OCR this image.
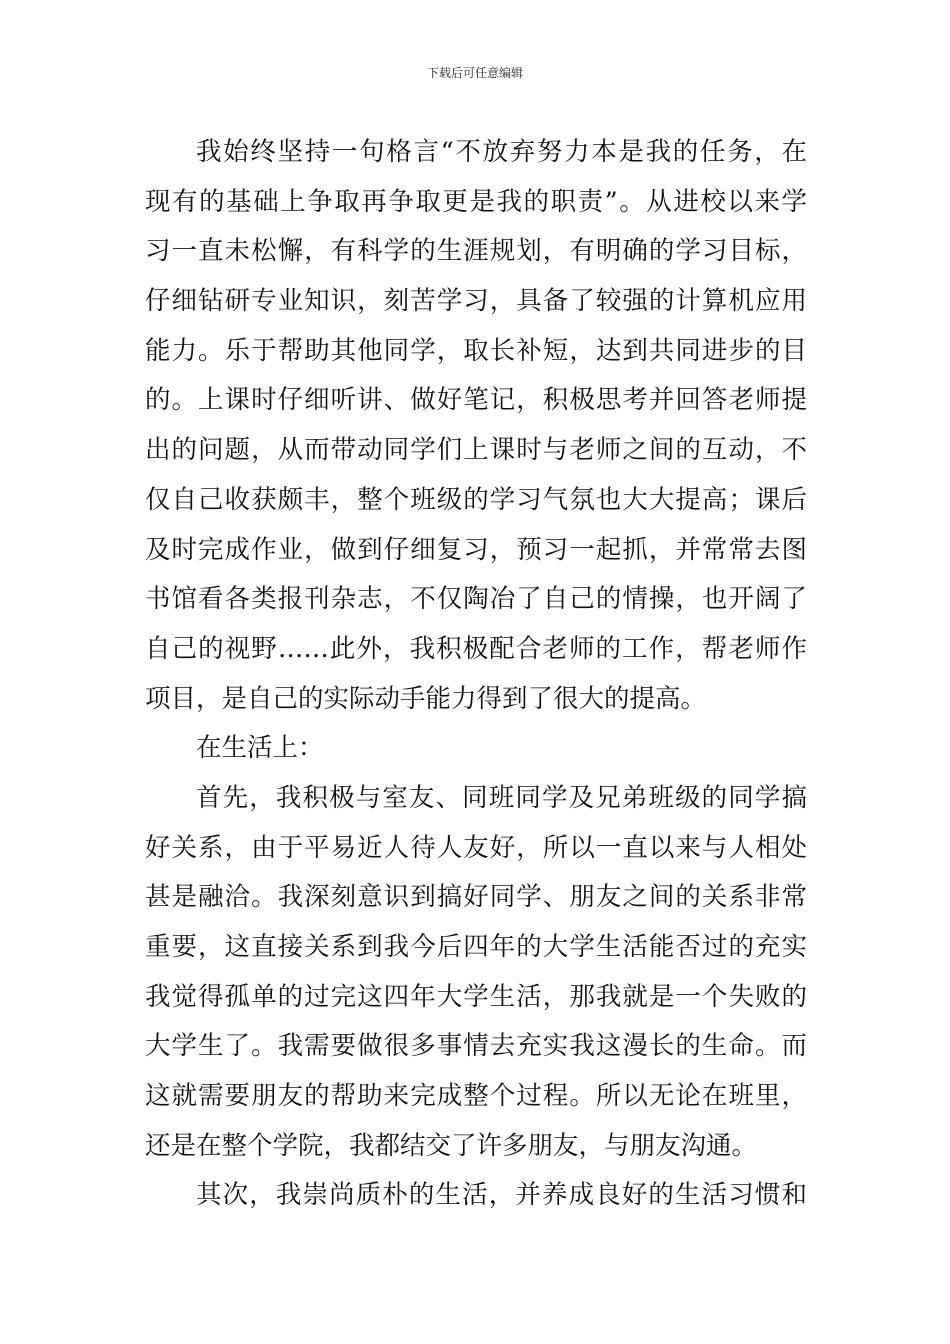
下载后可任意编辑
我始终坚持一句格言“不放弃努力本是我的任务，在
现有的基础上争取再争取更是我的职责”。从进校以来学
习一直未松懈，有科学的生涯规划，有明确的学习目标，
仔细钻研专业知识，刻苦学习，具备了较强的计算机应用
能力。乐于帮助其他同学，取长补短，达到共同进步的目
的。上课时仔细听讲、做好笔记，积极思考并回答老师提
出的问题，从而带动同学们上课时与老师之间的互动，不
仅自己收获颇丰，整个班级的学习气氛也大大提高；课后
及时完成作业，做到仔细复习，预习一起抓，并常常去图
书馆看各类报刊杂志，不仅陶冶了自己的情操，也开阔了
自己的视野……此外，我积极配合老师的工作，帮老师作
项目，是自己的实际动手能力得到了很大的提高。
在生活上：
首先，我积极与室友、同班同学及兄弟班级的同学搞
好关系，由于平易近人待人友好，所以一直以来与人相处
甚是融洽。我深刻意识到搞好同学、朋友之间的关系非常
重要，这直接关系到我今后四年的大学生活能否过的充实
我觉得孤单的过完这四年大学生活，那我就是一个失败的
大学生了。我需要做很多事情去充实我这漫长的生命。而
这就需要朋友的帮助来完成整个过程。所以无论在班里，
还是在整个学院，我都结交了许多朋友，与朋友沟通。
其次，我崇尚质朴的生活，并养成良好的生活习惯和
